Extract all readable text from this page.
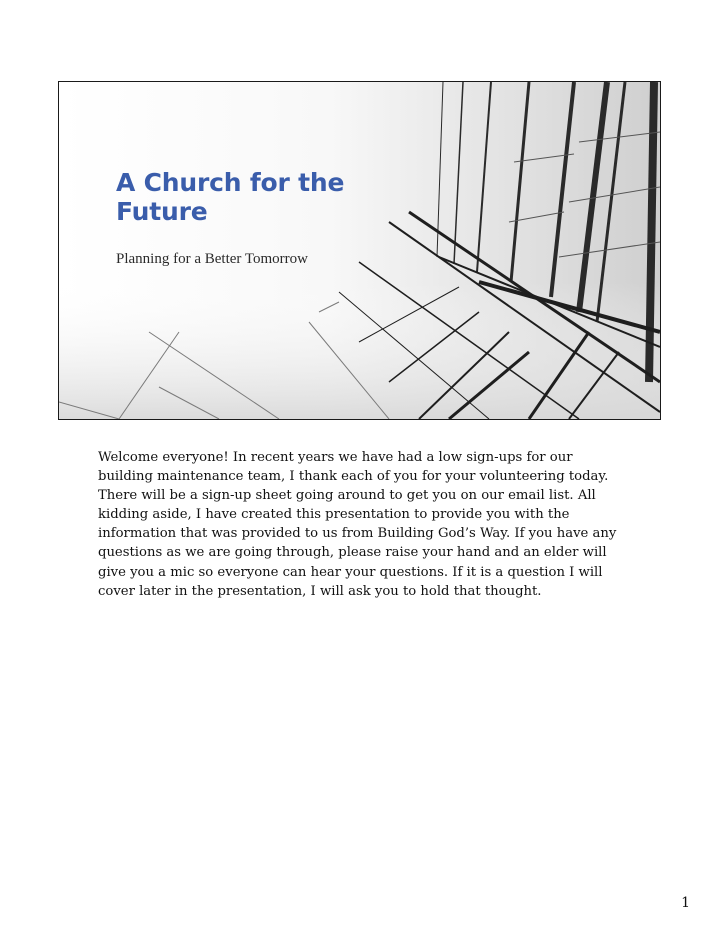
A Church for the Future

Planning for a Better Tomorrow

Welcome everyone! In recent years we have had a low sign-ups for our building maintenance team, I thank each of you for your volunteering today. There will be a sign-up sheet going around to get you on our email list. All kidding aside, I have created this presentation to provide you with the information that was provided to us from Building God’s Way. If you have any questions as we are going through, please raise your hand and an elder will give you a mic so everyone can hear your questions. If it is a question I will cover later in the presentation, I will ask you to hold that thought.

1
